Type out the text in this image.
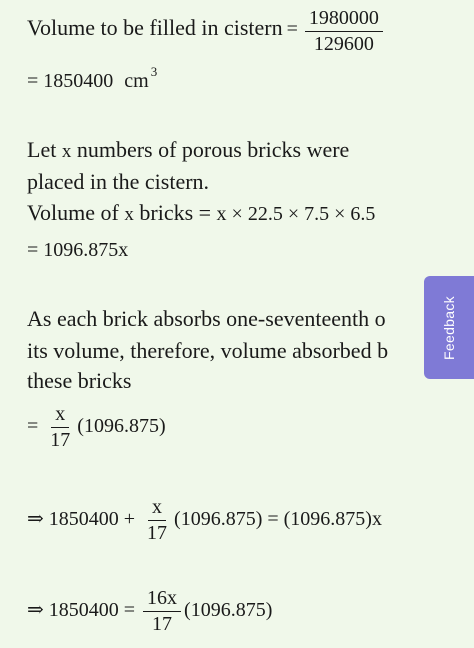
Volume to be filled in cistern = $\frac{1980000}{129600}$
= 1850400 cm $^3$
Let x numbers of porous bricks were
placed in the cistern.
Volume of x bricks = x × 22.5 × 7.5 × 6.5
= 1096.875x
As each brick absorbs one-seventeenth o
its volume, therefore, volume absorbed b
these bricks
= $\frac{x}{17} (1096.875)$
⇒ $1850400 + \frac{x}{17} (1096.875) = (1096.875)x$
⇒ $1850400 = \frac{16x}{17} (1096.875)$
Feedback
